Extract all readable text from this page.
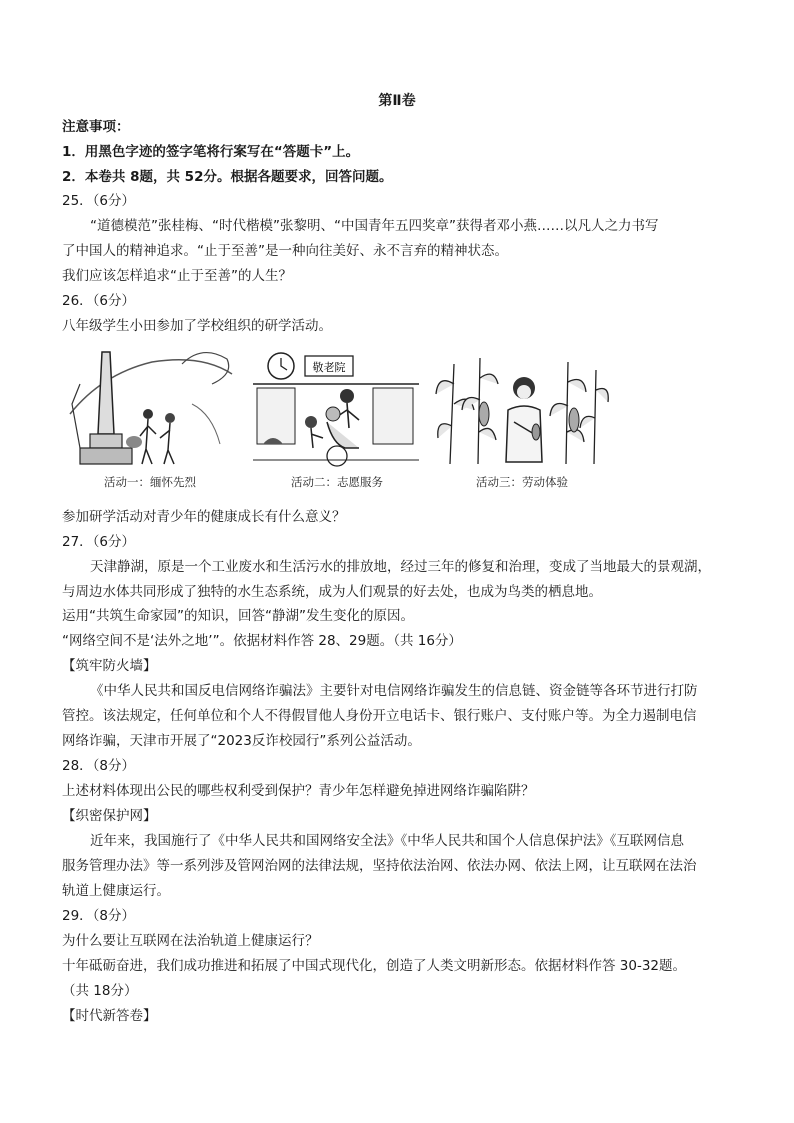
第Ⅱ卷
注意事项：
1．用黑色字迹的签字笔将行案写在“答题卡”上。
2．本卷共 8题，共 52分。根据各题要求，回答问题。
25．（6分）
“道德模范”张桂梅、“时代楷模”张黎明、“中国青年五四奖章”获得者邓小燕……以凡人之力书写
了中国人的精神追求。“止于至善”是一种向往美好、永不言弃的精神状态。
我们应该怎样追求“止于至善”的人生？
26．（6分）
八年级学生小田参加了学校组织的研学活动。
活动一：缅怀先烈
敬老院
活动二：志愿服务	活动三：劳动体验
参加研学活动对青少年的健康成长有什么意义？
27．（6分）
天津静湖，原是一个工业废水和生活污水的排放地，经过三年的修复和治理，变成了当地最大的景观湖，
与周边水体共同形成了独特的水生态系统，成为人们观景的好去处，也成为鸟类的栖息地。
运用“共筑生命家园”的知识，回答“静湖”发生变化的原因。
“网络空间不是‘法外之地’”。依据材料作答 28、29题。（共 16分）
【筑牢防火墙】
《中华人民共和国反电信网络诈骗法》主要针对电信网络诈骗发生的信息链、资金链等各环节进行打防
管控。该法规定，任何单位和个人不得假冒他人身份开立电话卡、银行账户、支付账户等。为全力遏制电信
网络诈骗，天津市开展了“2023反诈校园行”系列公益活动。
28．（8分）
上述材料体现出公民的哪些权利受到保护？青少年怎样避免掉进网络诈骗陷阱？
【织密保护网】
近年来，我国施行了《中华人民共和国网络安全法》《中华人民共和国个人信息保护法》《互联网信息
服务管理办法》等一系列涉及管网治网的法律法规，坚持依法治网、依法办网、依法上网，让互联网在法治
轨道上健康运行。
29．（8分）
为什么要让互联网在法治轨道上健康运行？
十年砥砺奋进，我们成功推进和拓展了中国式现代化，创造了人类文明新形态。依据材料作答 30-32题。
（共 18分）
【时代新答卷】
